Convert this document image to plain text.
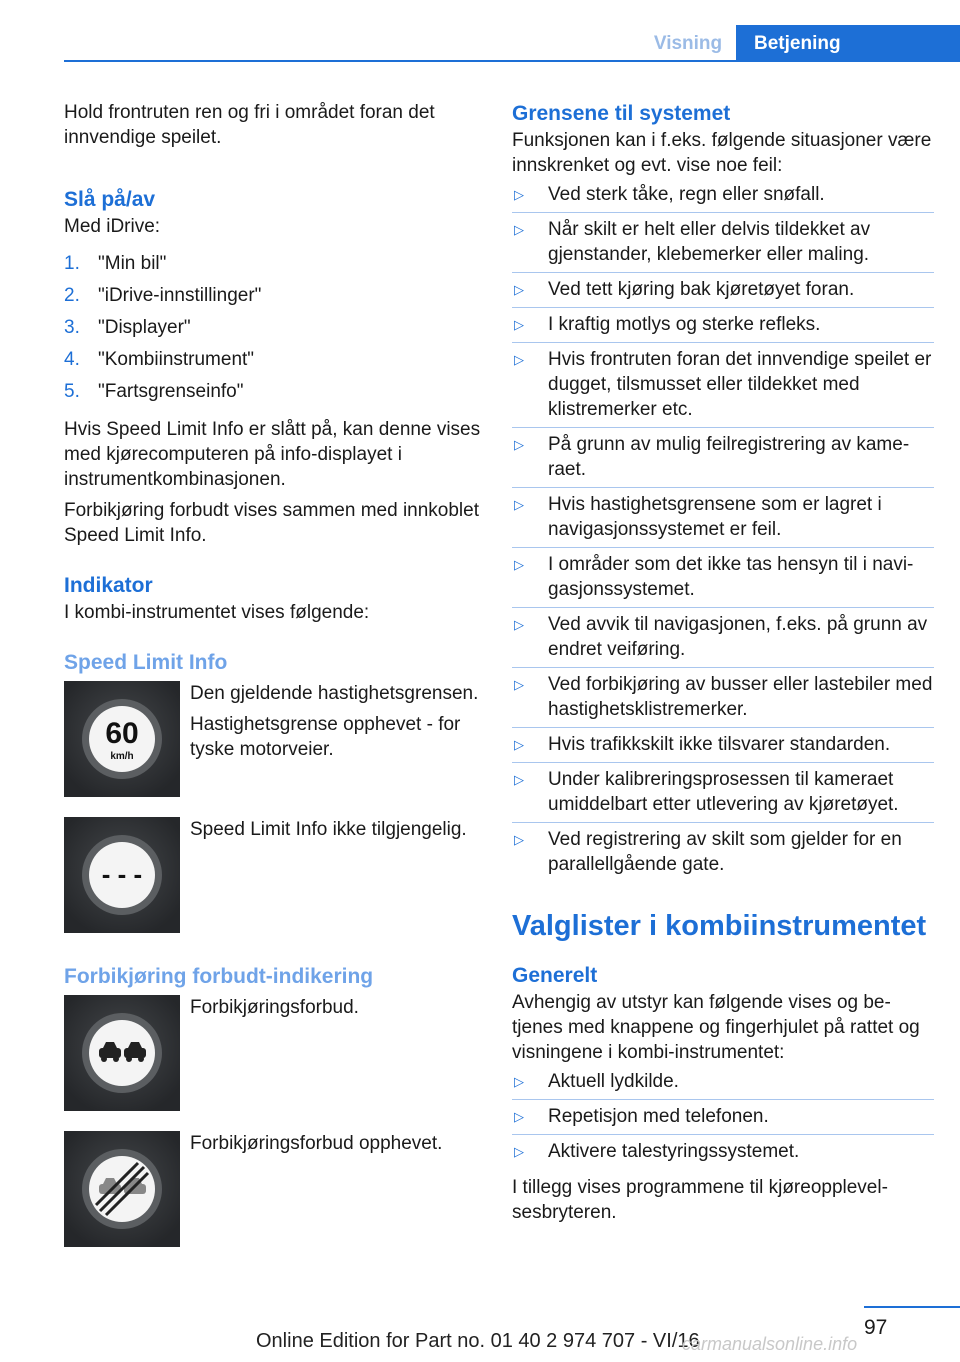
Visning	Betjening

Hold frontruten ren og fri i området foran det innvendige speilet.

Slå på/av

Med iDrive:

1. "Min bil"
2. "iDrive-innstillinger"
3. "Displayer"
4. "Kombiinstrument"
5. "Fartsgrenseinfo"

Hvis Speed Limit Info er slått på, kan denne vises med kjørecomputeren på info-displayet i instrumentkombinasjonen.

Forbikjøring forbudt vises sammen med innkoblet Speed Limit Info.

Indikator

I kombi-instrumentet vises følgende:

Speed Limit Info
60
km/h

Den gjeldende hastighetsgrensen.

Hastighetsgrense opphevet - for tyske motorveier.

- - -

Speed Limit Info ikke tilgjengelig.

Forbikjøring forbudt-indikering

Forbikjøringsforbud.

Forbikjøringsforbud opphevet.

Grensene til systemet

Funksjonen kan i f.eks. følgende situasjoner være innskrenket og evt. vise noe feil:

▷	Ved sterk tåke, regn eller snøfall.
▷	Når skilt er helt eller delvis tildekket av gjenstander, klebemerker eller maling.
▷	Ved tett kjøring bak kjøretøyet foran.
▷	I kraftig motlys og sterke refleks.
▷	Hvis frontruten foran det innvendige speilet er dugget, tilsmusset eller tildekket med klistremerker etc.
▷	På grunn av mulig feilregistrering av kameraet.
▷	Hvis hastighetsgrensene som er lagret i navigasjonssystemet er feil.
▷	I områder som det ikke tas hensyn til i navigasjonssystemet.
▷	Ved avvik til navigasjonen, f.eks. på grunn av endret veiføring.
▷	Ved forbikjøring av busser eller lastebiler med hastighetsklistremerker.
▷	Hvis trafikkskilt ikke tilsvarer standarden.
▷	Under kalibreringsprosessen til kameraet umiddelbart etter utlevering av kjøretøyet.
▷	Ved registrering av skilt som gjelder for en parallellgående gate.
Valglister i kombiinstrumentet
Generelt

Avhengig av utstyr kan følgende vises og betjenes med knappene og fingerhjulet på rattet og visningene i kombi-instrumentet:

▷	Aktuell lydkilde.
▷	Repetisjon med telefonen.
▷	Aktivere talestyringssystemet.

I tillegg vises programmene til kjøreopplevelsesbryteren.

97
Online Edition for Part no. 01 40 2 974 707 - VI/16
carmanualsonline.info
